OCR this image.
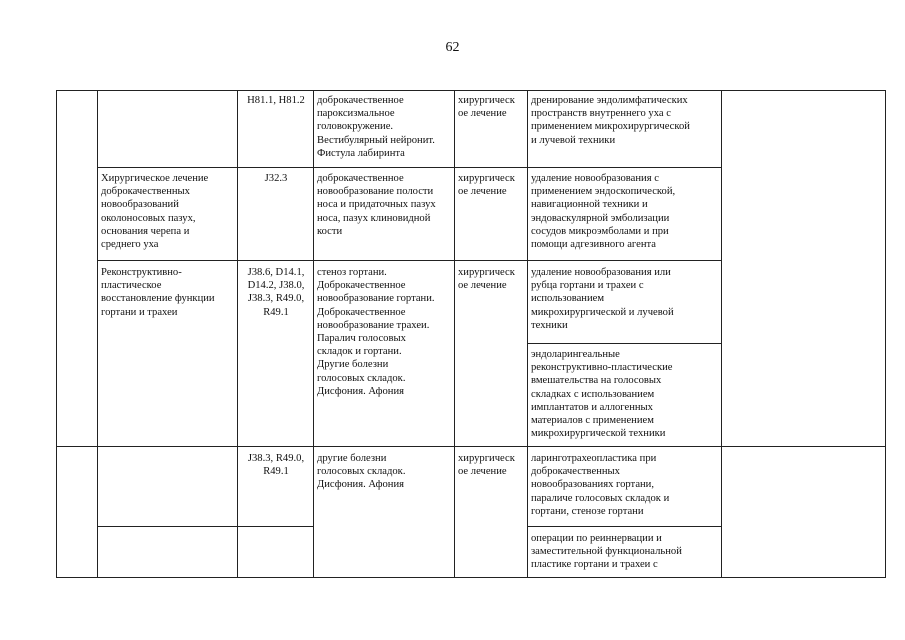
62
H81.1, H81.2	доброкачественное
пароксизмальное
головокружение.
Вестибулярный нейронит.
Фистула лабиринта
хирургическ
ое лечение
дренирование эндолимфатических
пространств внутреннего уха с
применением микрохирургической
и лучевой техники
Хирургическое лечение
доброкачественных
новообразований
околоносовых пазух,
основания черепа и
среднего уха
J32.3	доброкачественное
новообразование полости
носа и придаточных пазух
носа, пазух клиновидной
кости
хирургическ
ое лечение
удаление новообразования с
применением эндоскопической,
навигационной техники и
эндоваскулярной эмболизации
сосудов микроэмболами и при
помощи адгезивного агента
Реконструктивно-
пластическое
восстановление функции
гортани и трахеи
J38.6, D14.1,
D14.2, J38.0,
J38.3, R49.0,
R49.1
стеноз гортани.
Доброкачественное
новообразование гортани.
Доброкачественное
новообразование трахеи.
Паралич голосовых
складок и гортани.
Другие болезни
голосовых складок.
Дисфония. Афония
хирургическ
ое лечение
удаление новообразования или
рубца гортани и трахеи с
использованием
микрохирургической и лучевой
техники
эндоларингеальные
реконструктивно-пластические
вмешательства на голосовых
складках с использованием
имплантатов и аллогенных
материалов с применением
микрохирургической техники
J38.3, R49.0,
R49.1
другие болезни
голосовых складок.
Дисфония. Афония
хирургическ
ое лечение
ларинготрахеопластика при
доброкачественных
новообразованиях гортани,
параличе голосовых складок и
гортани, стенозе гортани
операции по реиннервации и
заместительной функциональной
пластике гортани и трахеи с
